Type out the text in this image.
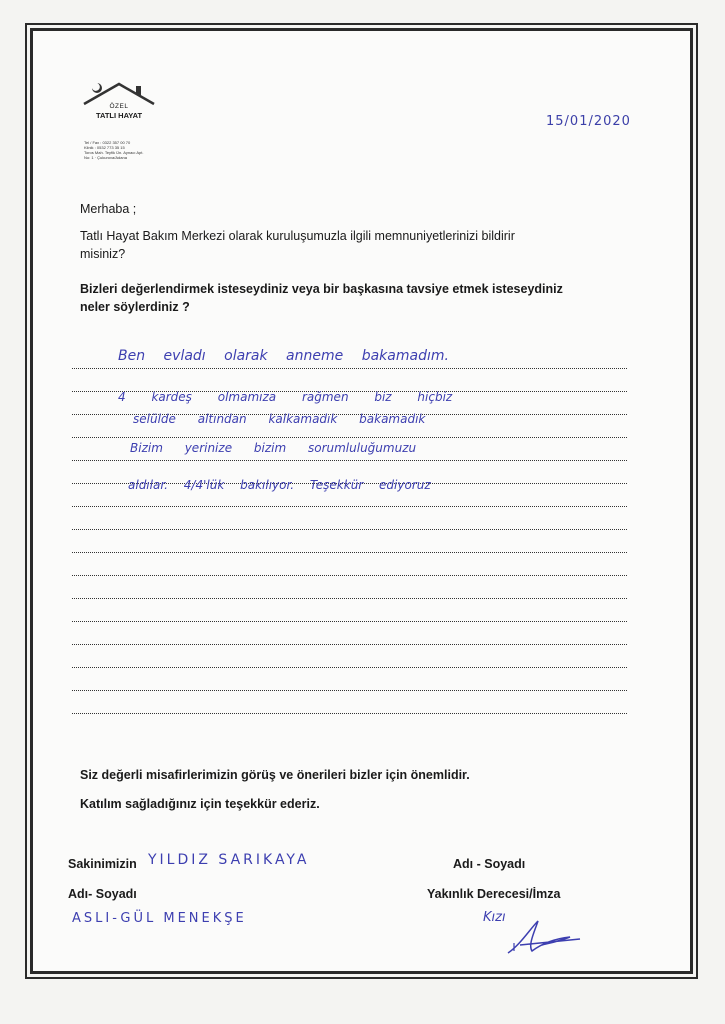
ÖZEL
TATLI HAYAT
Tel / Fax : 0322 357 00 70
Klinik : 0532 773 35 15
Toros Mah. Teyfik Ün. Aynacı Apt.
No: 1 · Çukurova/Adana
15/01/2020
Merhaba ;
Tatlı Hayat Bakım Merkezi olarak kuruluşumuzla ilgili memnuniyetlerinizi bildirir
misiniz?
Bizleri değerlendirmek isteseydiniz veya bir başkasına tavsiye etmek isteseydiniz
neler söylerdiniz ?
Ben evladı olarak anneme bakamadım.
4 kardeş olmamıza rağmen biz hiçbiz
selülde altından kalkamadık bakamadık
Bizim yerinize bizim sorumluluğumuzu
aldılar. 4/4'lük bakılıyor. Teşekkür ediyoruz
Siz değerli misafirlerimizin görüş ve önerileri bizler için önemlidir.
Katılım sağladığınız için teşekkür ederiz.
Sakinimizin YILDIZ SARIKAYA
Adı- Soyadı
ASLI-GÜL MENEKŞE
Adı - Soyadı
Yakınlık Derecesi/İmza
Kızı
